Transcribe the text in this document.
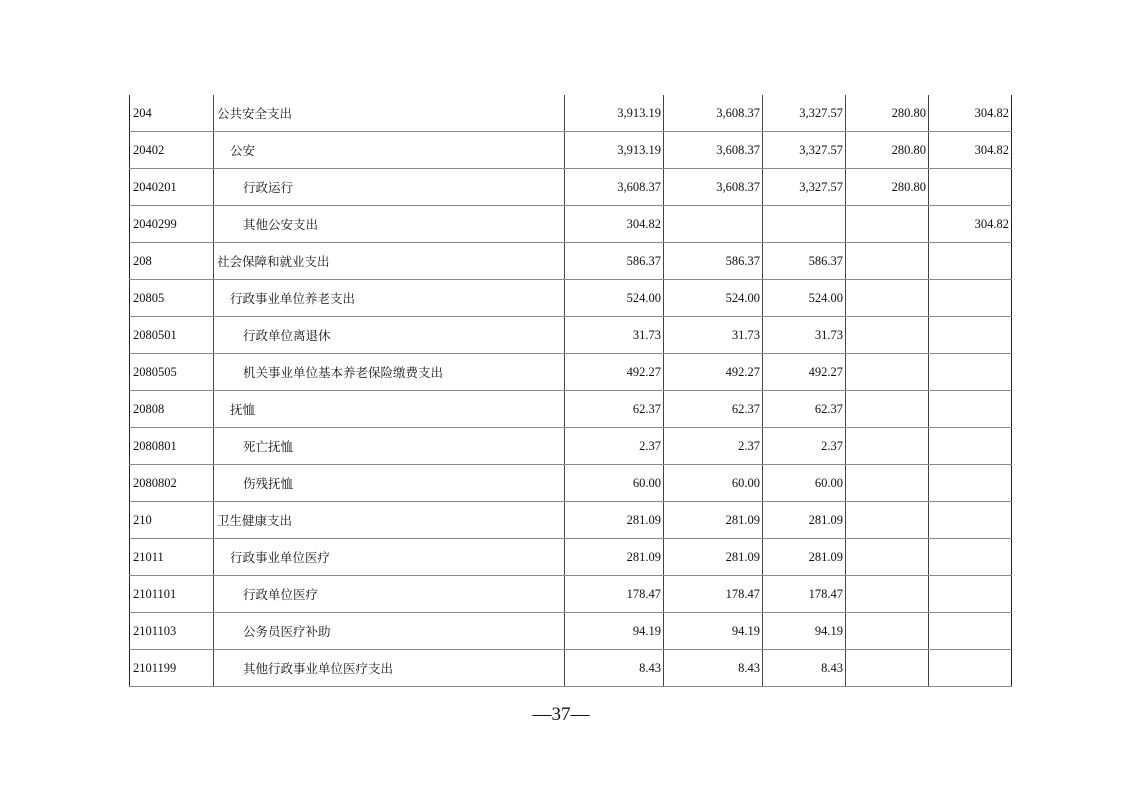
204	公共安全支出	3,913.19	3,608.37	3,327.57	280.80	304.82
20402	公安	3,913.19	3,608.37	3,327.57	280.80	304.82
2040201	行政运行	3,608.37	3,608.37	3,327.57	280.80	
2040299	其他公安支出	304.82				304.82
208	社会保障和就业支出	586.37	586.37	586.37		
20805	行政事业单位养老支出	524.00	524.00	524.00		
2080501	行政单位离退休	31.73	31.73	31.73		
2080505	机关事业单位基本养老保险缴费支出	492.27	492.27	492.27		
20808	抚恤	62.37	62.37	62.37		
2080801	死亡抚恤	2.37	2.37	2.37		
2080802	伤残抚恤	60.00	60.00	60.00		
210	卫生健康支出	281.09	281.09	281.09		
21011	行政事业单位医疗	281.09	281.09	281.09		
2101101	行政单位医疗	178.47	178.47	178.47		
2101103	公务员医疗补助	94.19	94.19	94.19		
2101199	其他行政事业单位医疗支出	8.43	8.43	8.43		
—37—
